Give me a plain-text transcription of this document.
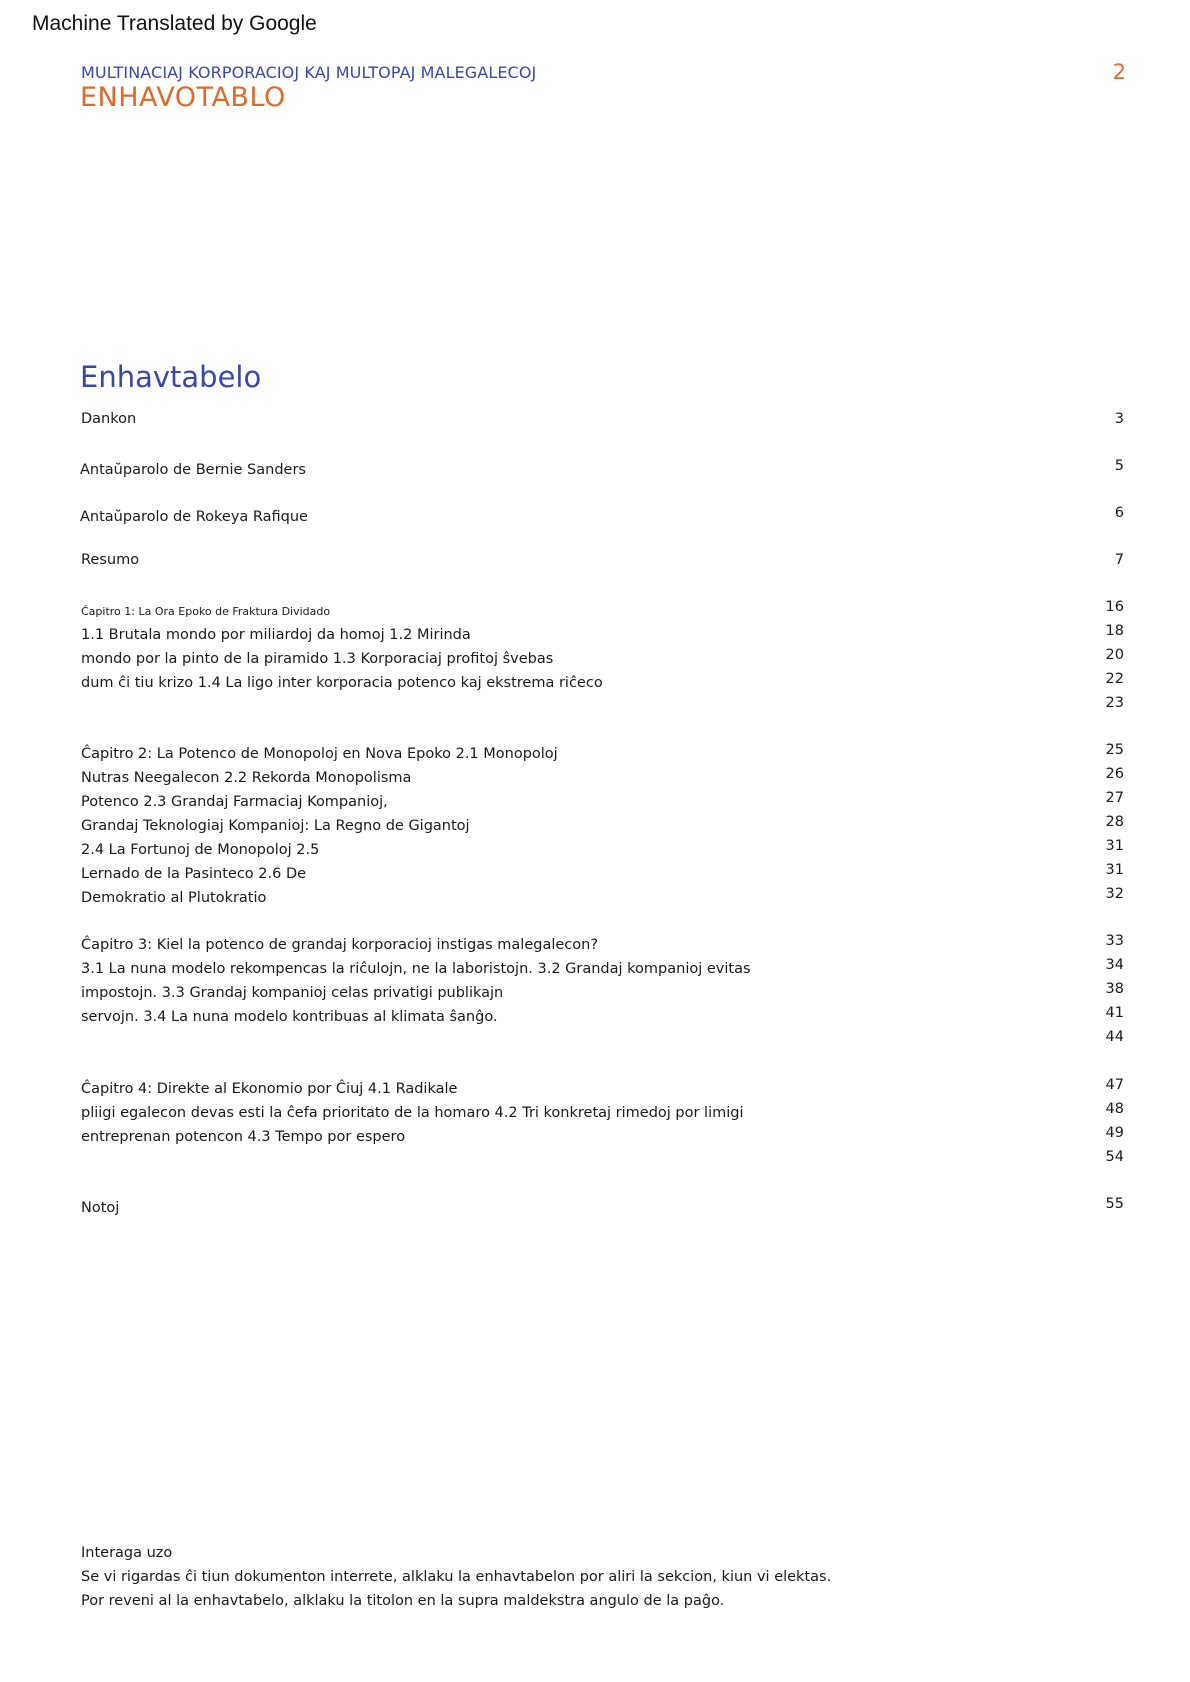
Machine Translated by Google
MULTINACIAJ KORPORACIOJ KAJ MULTOPAJ MALEGALECOJ	2
ENHAVOTABLO
Enhavtabelo
Dankon
Antaŭparolo de Bernie Sanders
Antaŭparolo de Rokeya Rafique
Resumo
Ĉapitro 1: La Ora Epoko de Fraktura Dividado
1.1 Brutala mondo por miliardoj da homoj 1.2 Mirinda
mondo por la pinto de la piramido 1.3 Korporaciaj profitoj ŝvebas
dum ĉi tiu krizo 1.4 La ligo inter korporacia potenco kaj ekstrema riĉeco
Ĉapitro 2: La Potenco de Monopoloj en Nova Epoko 2.1 Monopoloj
Nutras Neegalecon 2.2 Rekorda Monopolisma
Potenco 2.3 Grandaj Farmaciaj Kompanioj,
Grandaj Teknologiaj Kompanioj: La Regno de Gigantoj
2.4 La Fortunoj de Monopoloj 2.5
Lernado de la Pasinteco 2.6 De
Demokratio al Plutokratio
Ĉapitro 3: Kiel la potenco de grandaj korporacioj instigas malegalecon?
3.1 La nuna modelo rekompencas la riĉulojn, ne la laboristojn. 3.2 Grandaj kompanioj evitas
impostojn. 3.3 Grandaj kompanioj celas privatigi publikajn
servojn. 3.4 La nuna modelo kontribuas al klimata ŝanĝo.
Ĉapitro 4: Direkte al Ekonomio por Ĉiuj 4.1 Radikale
pliigi egalecon devas esti la ĉefa prioritato de la homaro 4.2 Tri konkretaj rimedoj por limigi
entreprenan potencon 4.3 Tempo por espero
Notoj
3
5
6
7
16
18
20
22
23
25
26
27
28
31
31
32
33
34
38
41
44
47
48
49
54
55
Interaga uzo
Se vi rigardas ĉi tiun dokumenton interrete, alklaku la enhavtabelon por aliri la sekcion, kiun vi elektas.
Por reveni al la enhavtabelo, alklaku la titolon en la supra maldekstra angulo de la paĝo.
